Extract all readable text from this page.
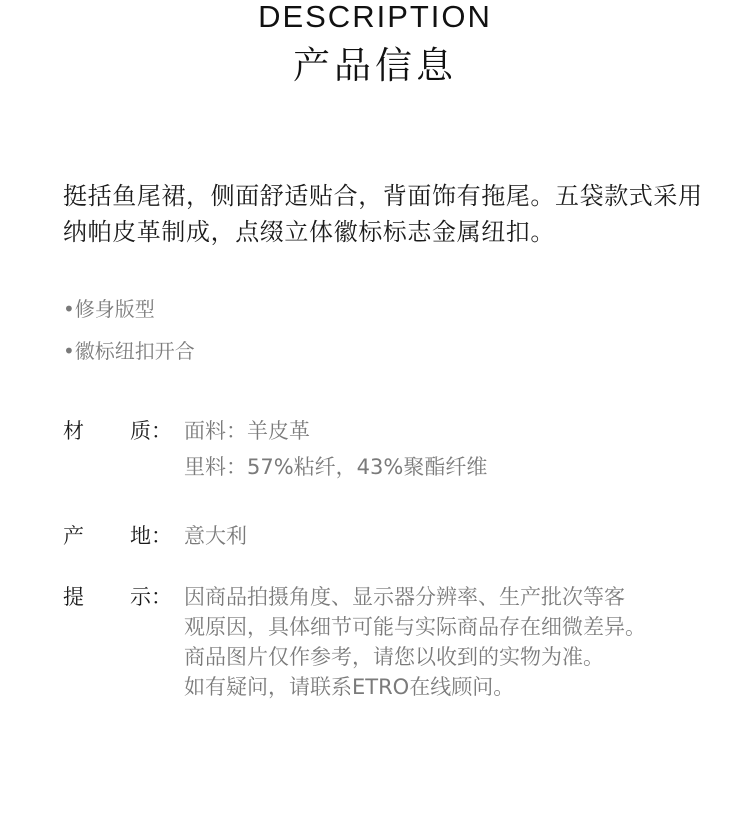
DESCRIPTION
产品信息

挺括鱼尾裙，侧面舒适贴合，背面饰有拖尾。五袋款式采用纳帕皮革制成，点缀立体徽标标志金属纽扣。

•修身版型
•徽标纽扣开合
材 质： 面料：羊皮革
里料：57%粘纤，43%聚酯纤维
产 地： 意大利
提 示： 因商品拍摄角度、显示器分辨率、生产批次等客
观原因，具体细节可能与实际商品存在细微差异。
商品图片仅作参考，请您以收到的实物为准。
如有疑问，请联系ETRO在线顾问。
